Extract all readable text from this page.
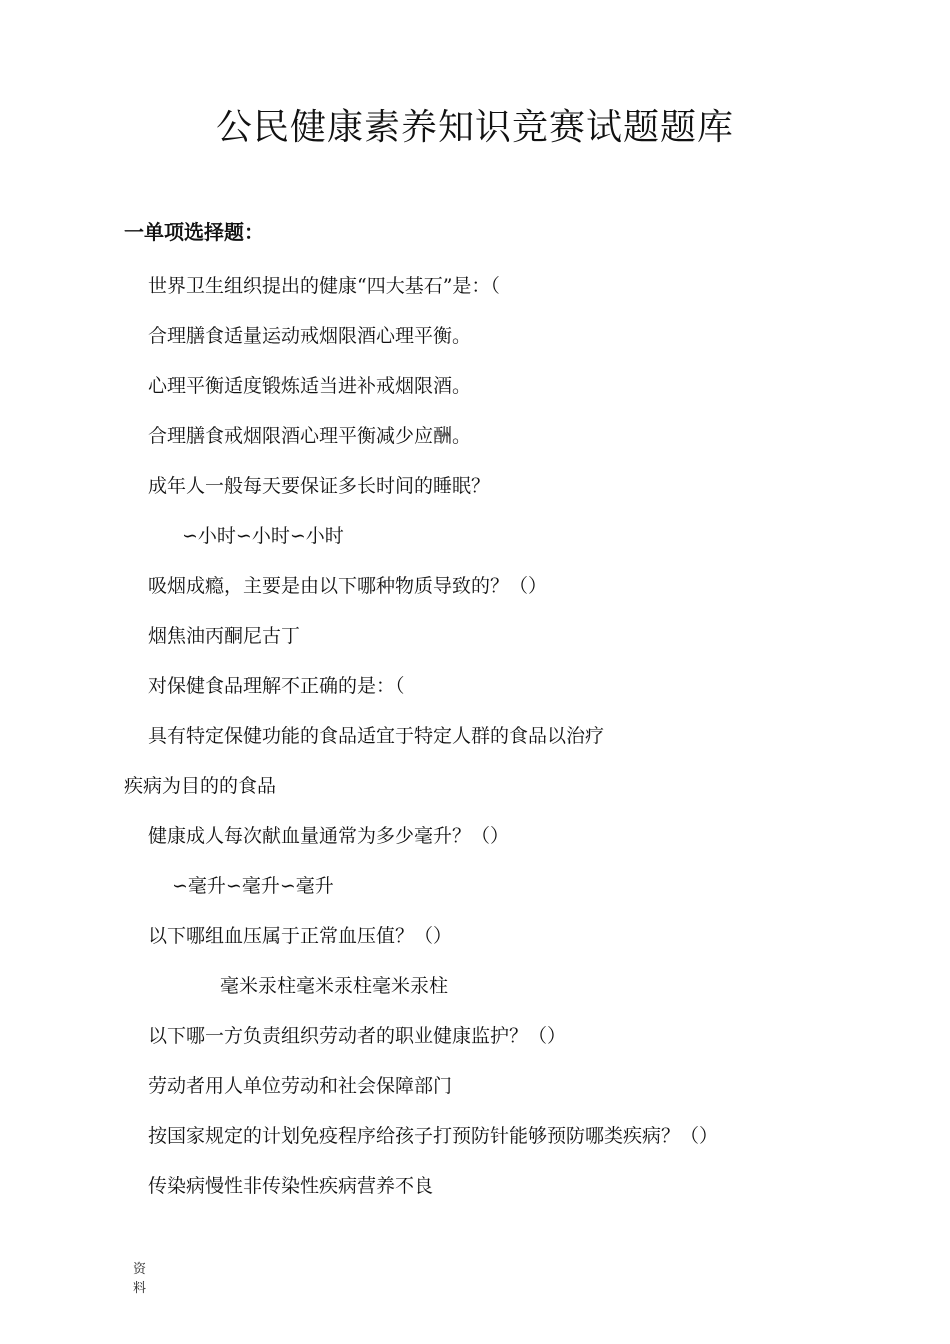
公民健康素养知识竞赛试题题库
一单项选择题：
世界卫生组织提出的健康“四大基石”是：（
合理膳食适量运动戒烟限酒心理平衡。
心理平衡适度锻炼适当进补戒烟限酒。
合理膳食戒烟限酒心理平衡减少应酬。
成年人一般每天要保证多长时间的睡眠？
∽小时∽小时∽小时
吸烟成瘾，主要是由以下哪种物质导致的？（）
烟焦油丙酮尼古丁
对保健食品理解不正确的是：（
具有特定保健功能的食品适宜于特定人群的食品以治疗
疾病为目的的食品
健康成人每次献血量通常为多少毫升？（）
∽毫升∽毫升∽毫升
以下哪组血压属于正常血压值？（）
毫米汞柱毫米汞柱毫米汞柱
以下哪一方负责组织劳动者的职业健康监护？（）
劳动者用人单位劳动和社会保障部门
按国家规定的计划免疫程序给孩子打预防针能够预防哪类疾病？（）
传染病慢性非传染性疾病营养不良
资料
